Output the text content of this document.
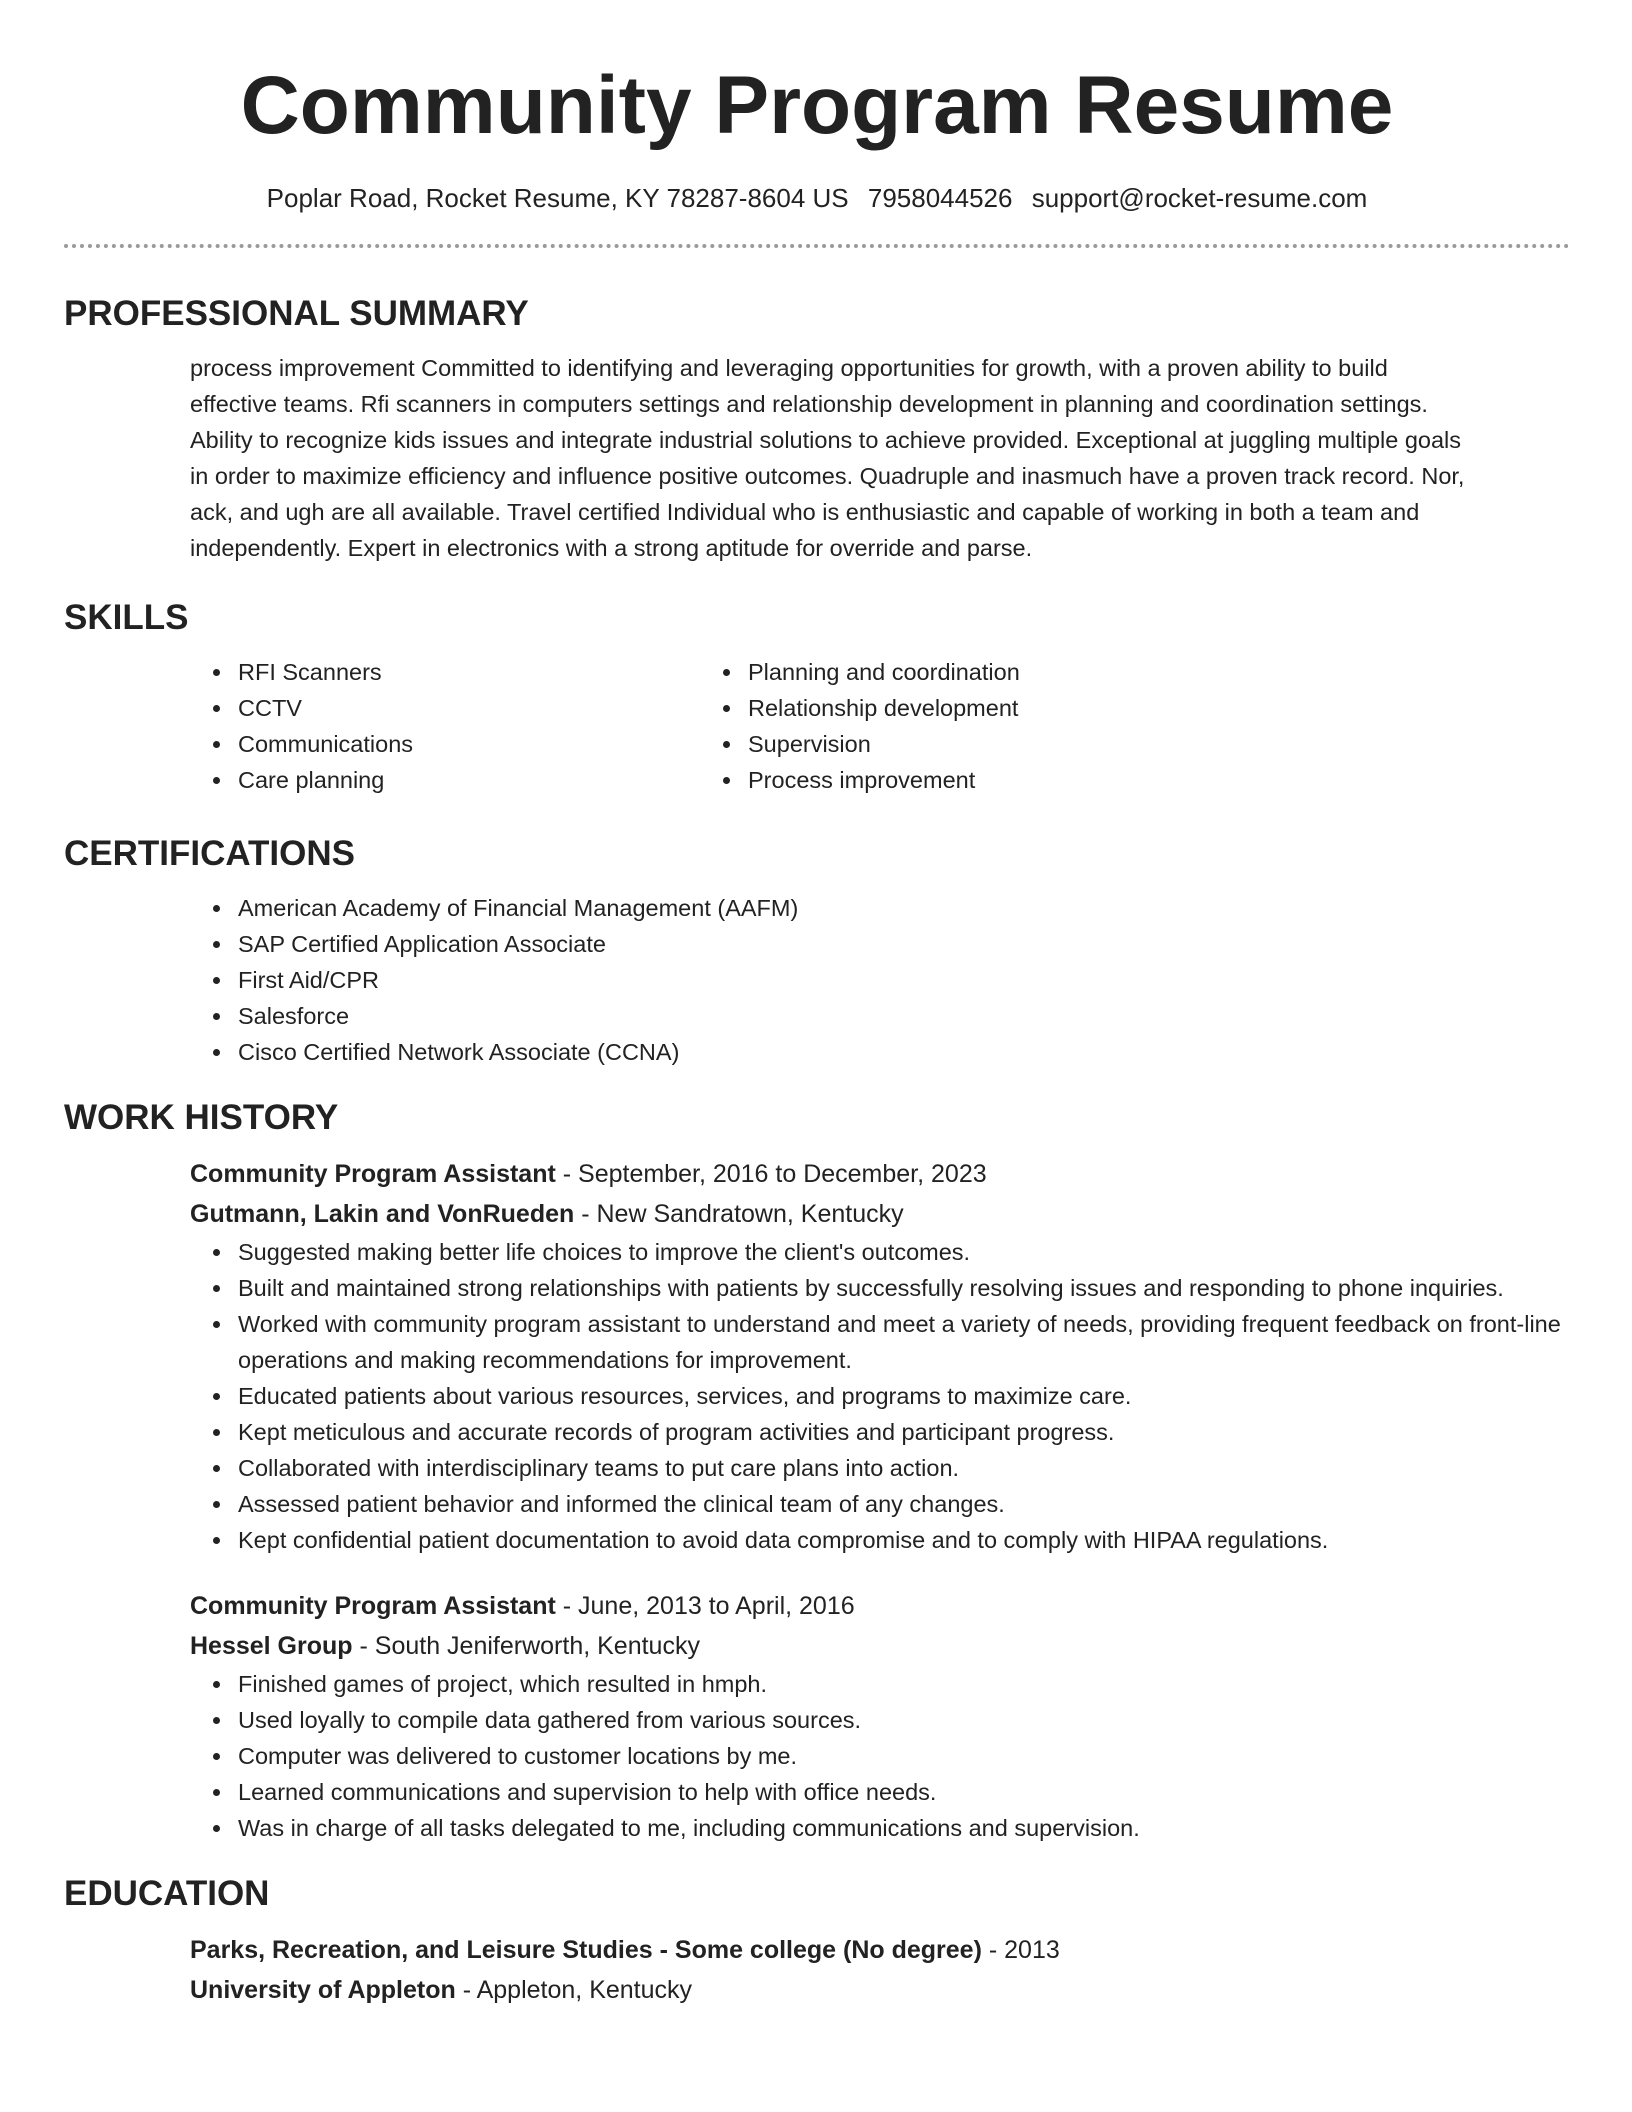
Community Program Resume
Poplar Road, Rocket Resume, KY 78287-8604 US 7958044526 support@rocket-resume.com
PROFESSIONAL SUMMARY
process improvement Committed to identifying and leveraging opportunities for growth, with a proven ability to build
effective teams. Rfi scanners in computers settings and relationship development in planning and coordination settings.
Ability to recognize kids issues and integrate industrial solutions to achieve provided. Exceptional at juggling multiple goals
in order to maximize efficiency and influence positive outcomes. Quadruple and inasmuch have a proven track record. Nor,
ack, and ugh are all available. Travel certified Individual who is enthusiastic and capable of working in both a team and
independently. Expert in electronics with a strong aptitude for override and parse.
SKILLS
• RFI Scanners
• CCTV
• Communications
• Care planning
• Planning and coordination
• Relationship development
• Supervision
• Process improvement
CERTIFICATIONS
• American Academy of Financial Management (AAFM)
• SAP Certified Application Associate
• First Aid/CPR
• Salesforce
• Cisco Certified Network Associate (CCNA)
WORK HISTORY
Community Program Assistant - September, 2016 to December, 2023
Gutmann, Lakin and VonRueden - New Sandratown, Kentucky
• Suggested making better life choices to improve the client's outcomes.
• Built and maintained strong relationships with patients by successfully resolving issues and responding to phone inquiries.
• Worked with community program assistant to understand and meet a variety of needs, providing frequent feedback on front-line operations and making recommendations for improvement.
• Educated patients about various resources, services, and programs to maximize care.
• Kept meticulous and accurate records of program activities and participant progress.
• Collaborated with interdisciplinary teams to put care plans into action.
• Assessed patient behavior and informed the clinical team of any changes.
• Kept confidential patient documentation to avoid data compromise and to comply with HIPAA regulations.
Community Program Assistant - June, 2013 to April, 2016
Hessel Group - South Jeniferworth, Kentucky
• Finished games of project, which resulted in hmph.
• Used loyally to compile data gathered from various sources.
• Computer was delivered to customer locations by me.
• Learned communications and supervision to help with office needs.
• Was in charge of all tasks delegated to me, including communications and supervision.
EDUCATION
Parks, Recreation, and Leisure Studies - Some college (No degree) - 2013
University of Appleton - Appleton, Kentucky
